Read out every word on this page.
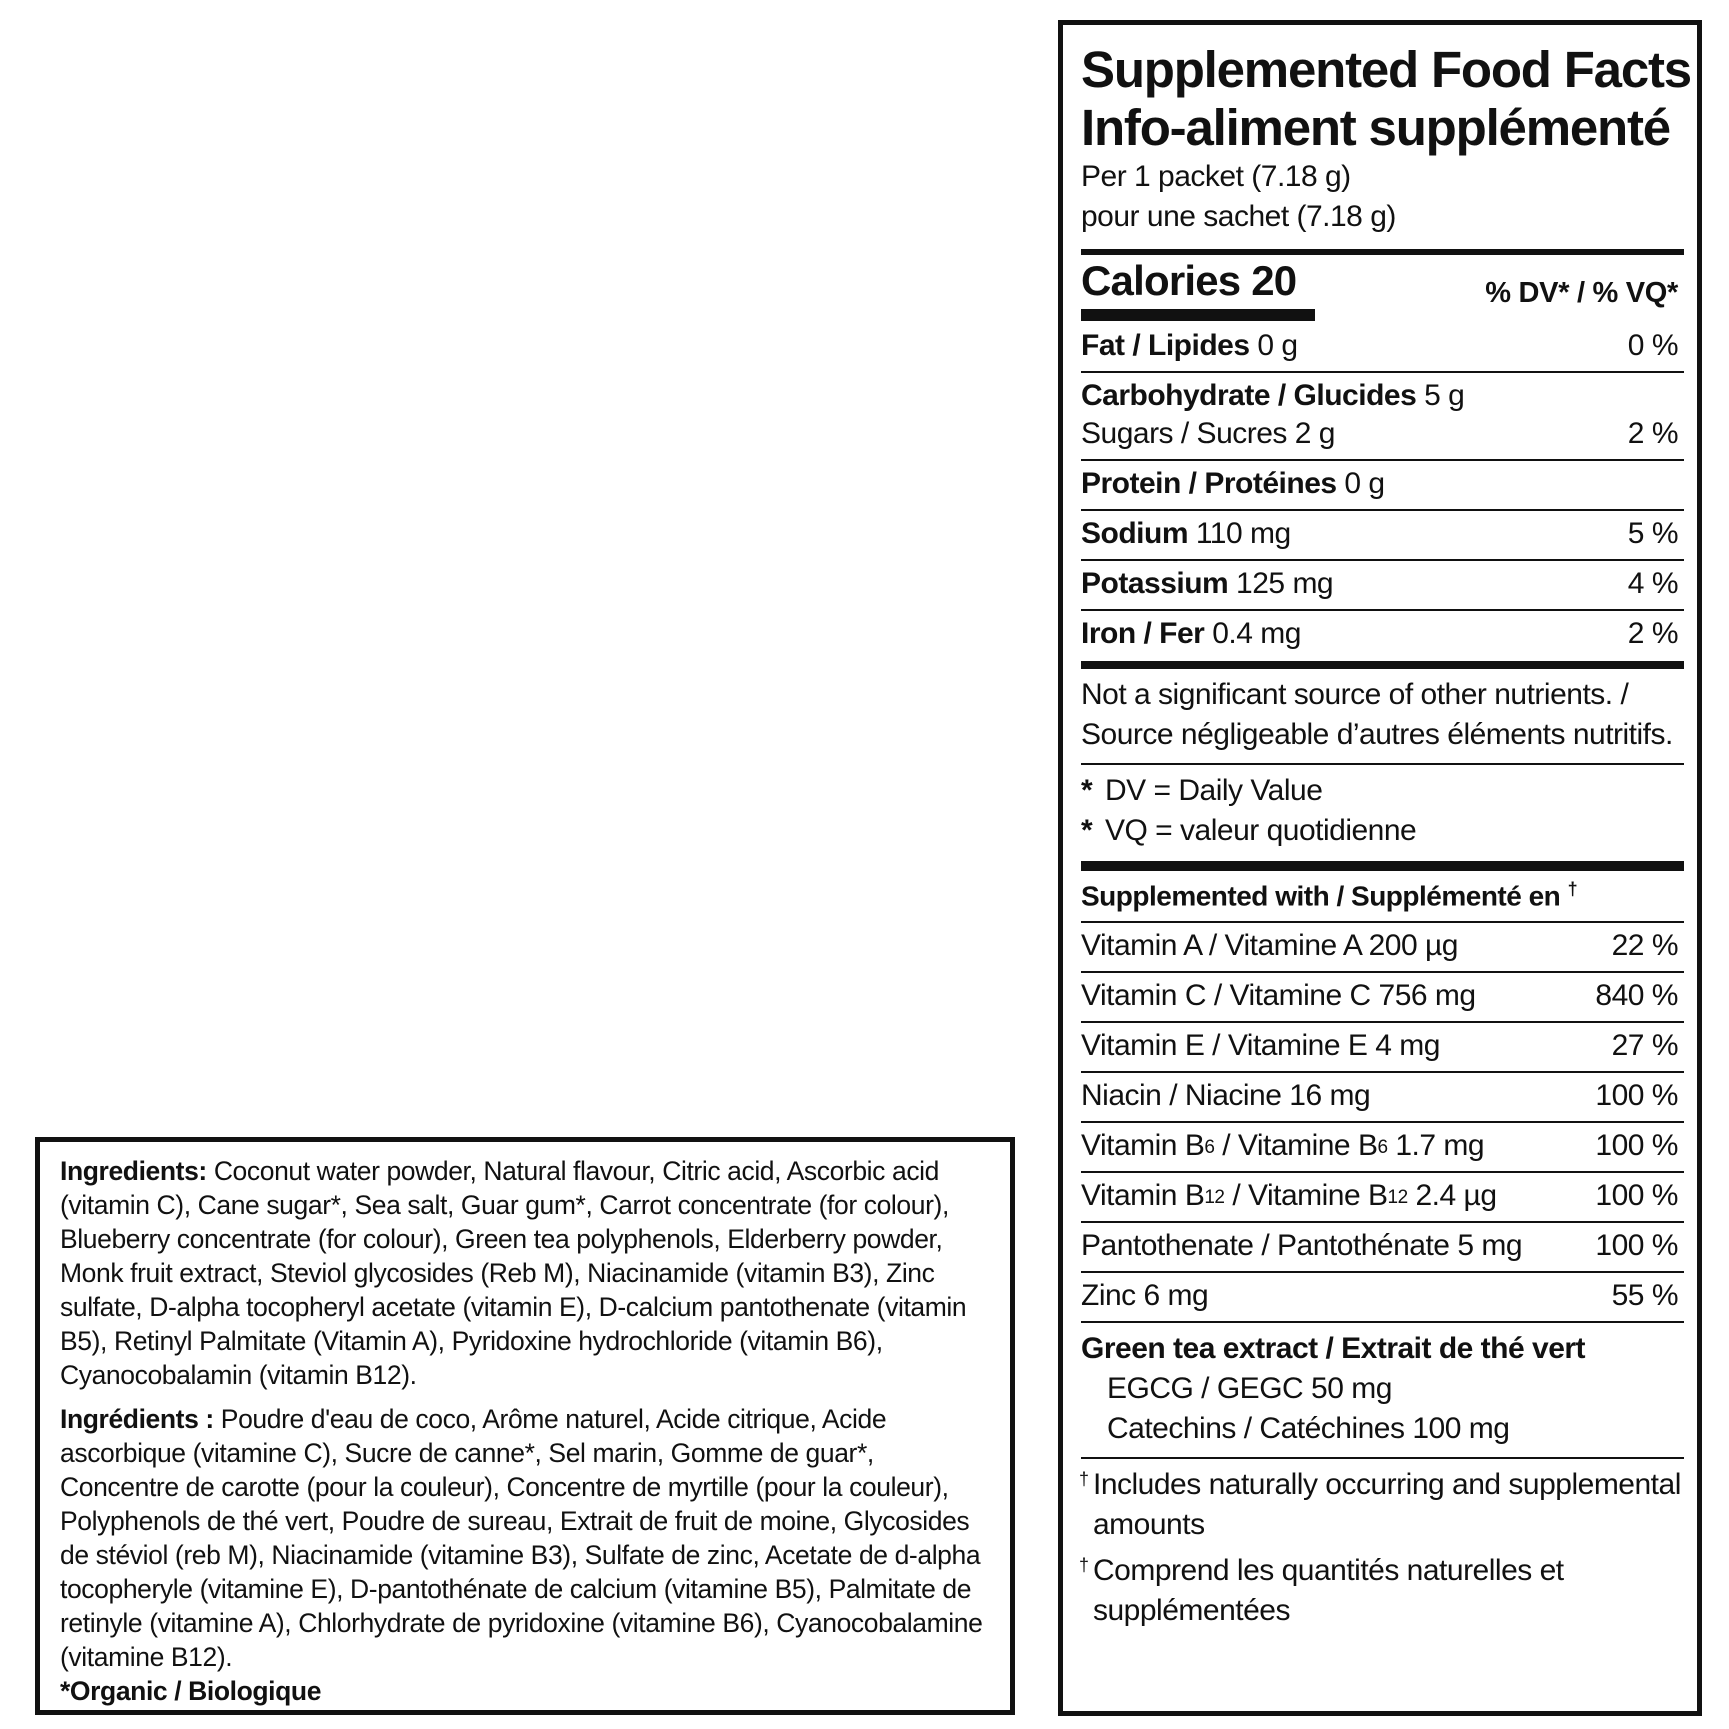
Ingredients: Coconut water powder, Natural flavour, Citric acid, Ascorbic acid (vitamin C), Cane sugar*, Sea salt, Guar gum*, Carrot concentrate (for colour), Blueberry concentrate (for colour), Green tea polyphenols, Elderberry powder, Monk fruit extract, Steviol glycosides (Reb M), Niacinamide (vitamin B3), Zinc sulfate, D-alpha tocopheryl acetate (vitamin E), D-calcium pantothenate (vitamin B5), Retinyl Palmitate (Vitamin A), Pyridoxine hydrochloride (vitamin B6), Cyanocobalamin (vitamin B12).

Ingrédients : Poudre d'eau de coco, Arôme naturel, Acide citrique, Acide ascorbique (vitamine C), Sucre de canne*, Sel marin, Gomme de guar*, Concentre de carotte (pour la couleur), Concentre de myrtille (pour la couleur), Polyphenols de thé vert, Poudre de sureau, Extrait de fruit de moine, Glycosides de stéviol (reb M), Niacinamide (vitamine B3), Sulfate de zinc, Acetate de d-alpha tocopheryle (vitamine E), D-pantothénate de calcium (vitamine B5), Palmitate de retinyle (vitamine A), Chlorhydrate de pyridoxine (vitamine B6), Cyanocobalamine (vitamine B12).

*Organic / Biologique

Supplemented Food Facts
Info-aliment supplémenté
Per 1 packet (7.18 g)
pour une sachet (7.18 g)
Calories 20	% DV* / % VQ*
Fat / Lipides 0 g	0 %
Carbohydrate / Glucides 5 g
Sugars / Sucres 2 g	2 %
Protein / Protéines 0 g
Sodium 110 mg	5 %
Potassium 125 mg	4 %
Iron / Fer 0.4 mg	2 %
Not a significant source of other nutrients. / Source négligeable d’autres éléments nutritifs.
* DV = Daily Value
* VQ = valeur quotidienne
Supplemented with / Supplémenté en †
Vitamin A / Vitamine A 200 µg	22 %
Vitamin C / Vitamine C 756 mg	840 %
Vitamin E / Vitamine E 4 mg	27 %
Niacin / Niacine 16 mg	100 %
Vitamin B6 / Vitamine B6 1.7 mg	100 %
Vitamin B12 / Vitamine B12 2.4 µg	100 %
Pantothenate / Pantothénate 5 mg 100 %
Zinc 6 mg	55 %
Green tea extract / Extrait de thé vert
EGCG / GEGC 50 mg
Catechins / Catéchines 100 mg
† Includes naturally occurring and supplemental amounts
† Comprend les quantités naturelles et supplémentées
